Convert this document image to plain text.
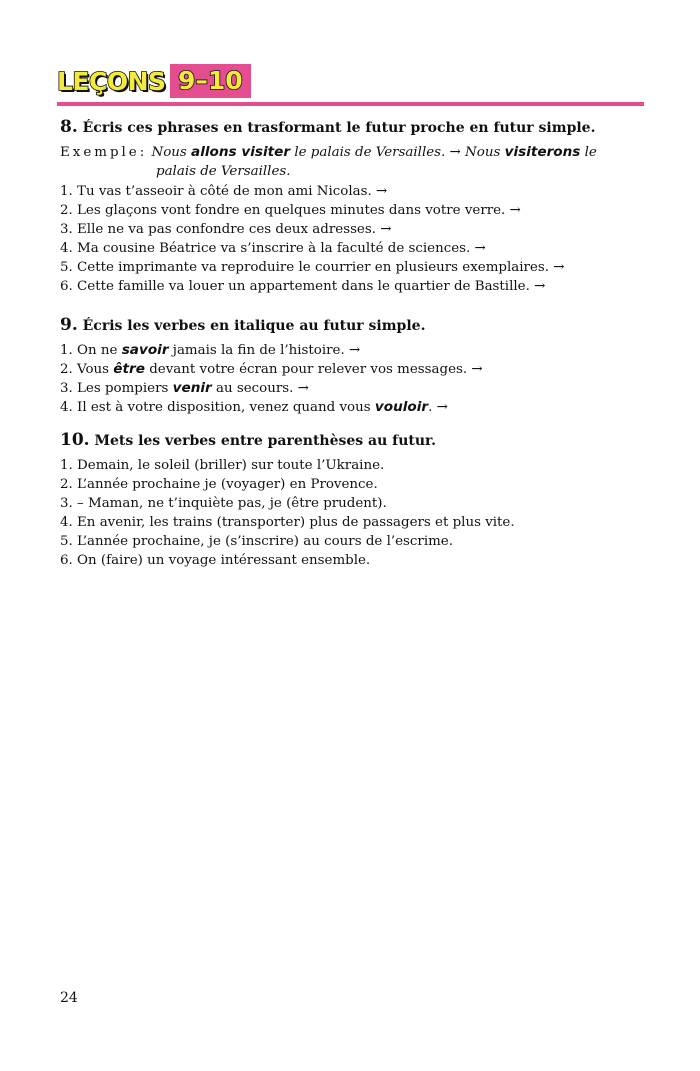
LEÇONS 9–10
8. Écris ces phrases en trasformant le futur proche en futur simple.
Exemple: Nous allons visiter le palais de Versailles. → Nous visiterons le
palais de Versailles.
1. Tu vas t’asseoir à côté de mon ami Nicolas. →
2. Les glaçons vont fondre en quelques minutes dans votre verre. →
3. Elle ne va pas confondre ces deux adresses. →
4. Ma cousine Béatrice va s’inscrire à la faculté de sciences. →
5. Cette imprimante va reproduire le courrier en plusieurs exemplaires. →
6. Cette famille va louer un appartement dans le quartier de Bastille. →
9. Écris les verbes en italique au futur simple.
1. On ne savoir jamais la fin de l’histoire. →
2. Vous être devant votre écran pour relever vos messages. →
3. Les pompiers venir au secours. →
4. Il est à votre disposition, venez quand vous vouloir. →
10. Mets les verbes entre parenthèses au futur.
1. Demain, le soleil (briller) sur toute l’Ukraine.
2. L’année prochaine je (voyager) en Provence.
3. – Maman, ne t’inquiète pas, je (être prudent).
4. En avenir, les trains (transporter) plus de passagers et plus vite.
5. L’année prochaine, je (s’inscrire) au cours de l’escrime.
6. On (faire) un voyage intéressant ensemble.
24
